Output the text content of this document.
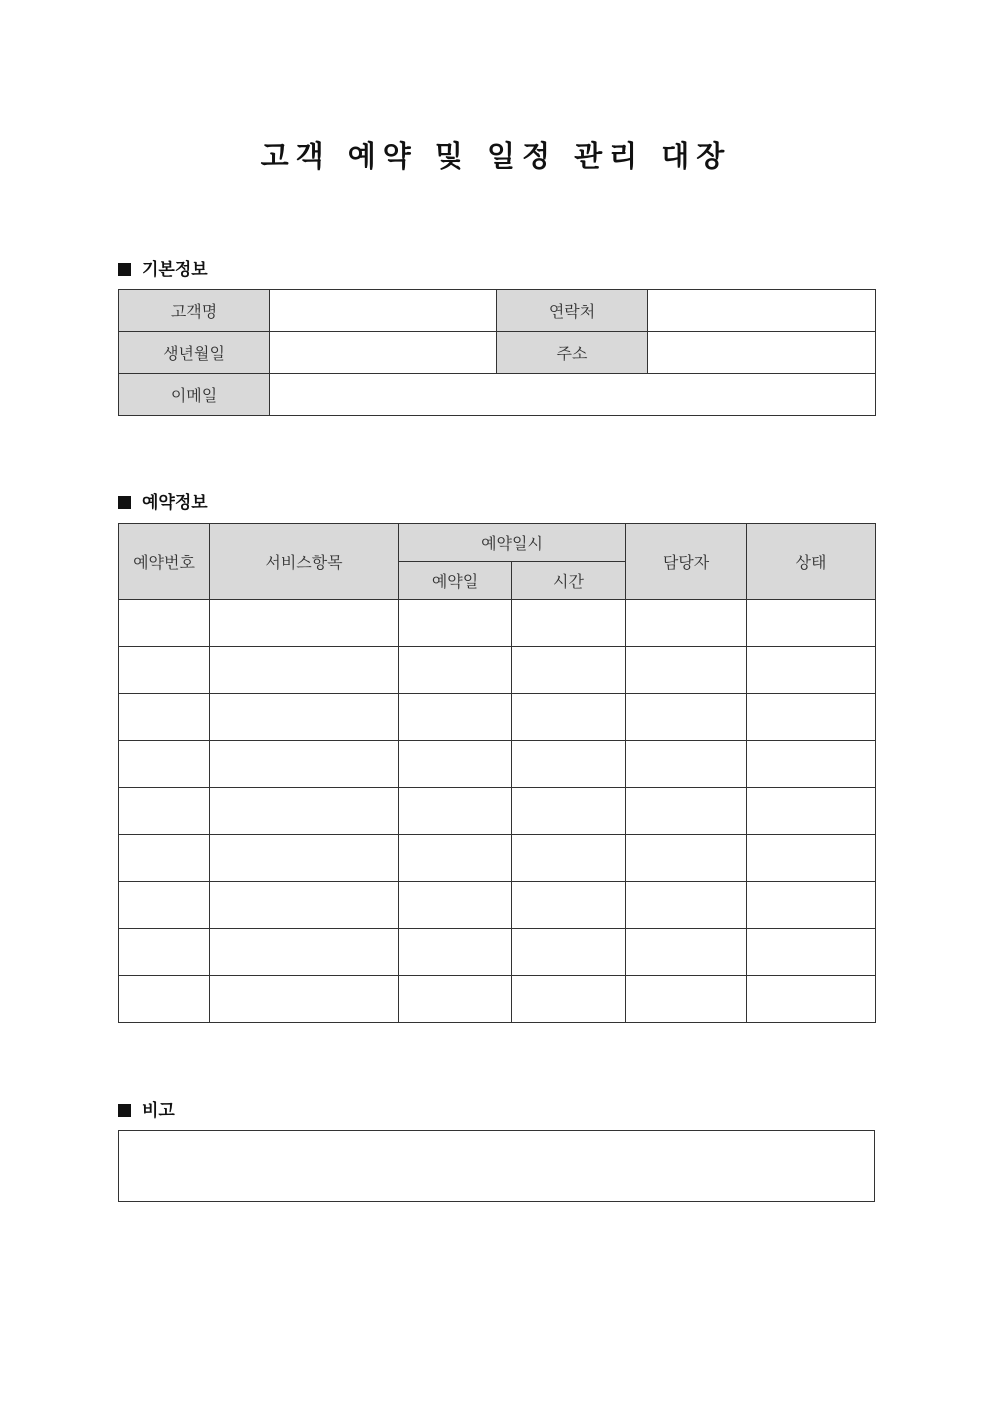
고객 예약 및 일정 관리 대장
기본정보
고객명		연락처	
생년월일		주소	
이메일			
예약정보
예약번호	서비스항목	예약일시		담당자	상태
		예약일	시간		

비고
